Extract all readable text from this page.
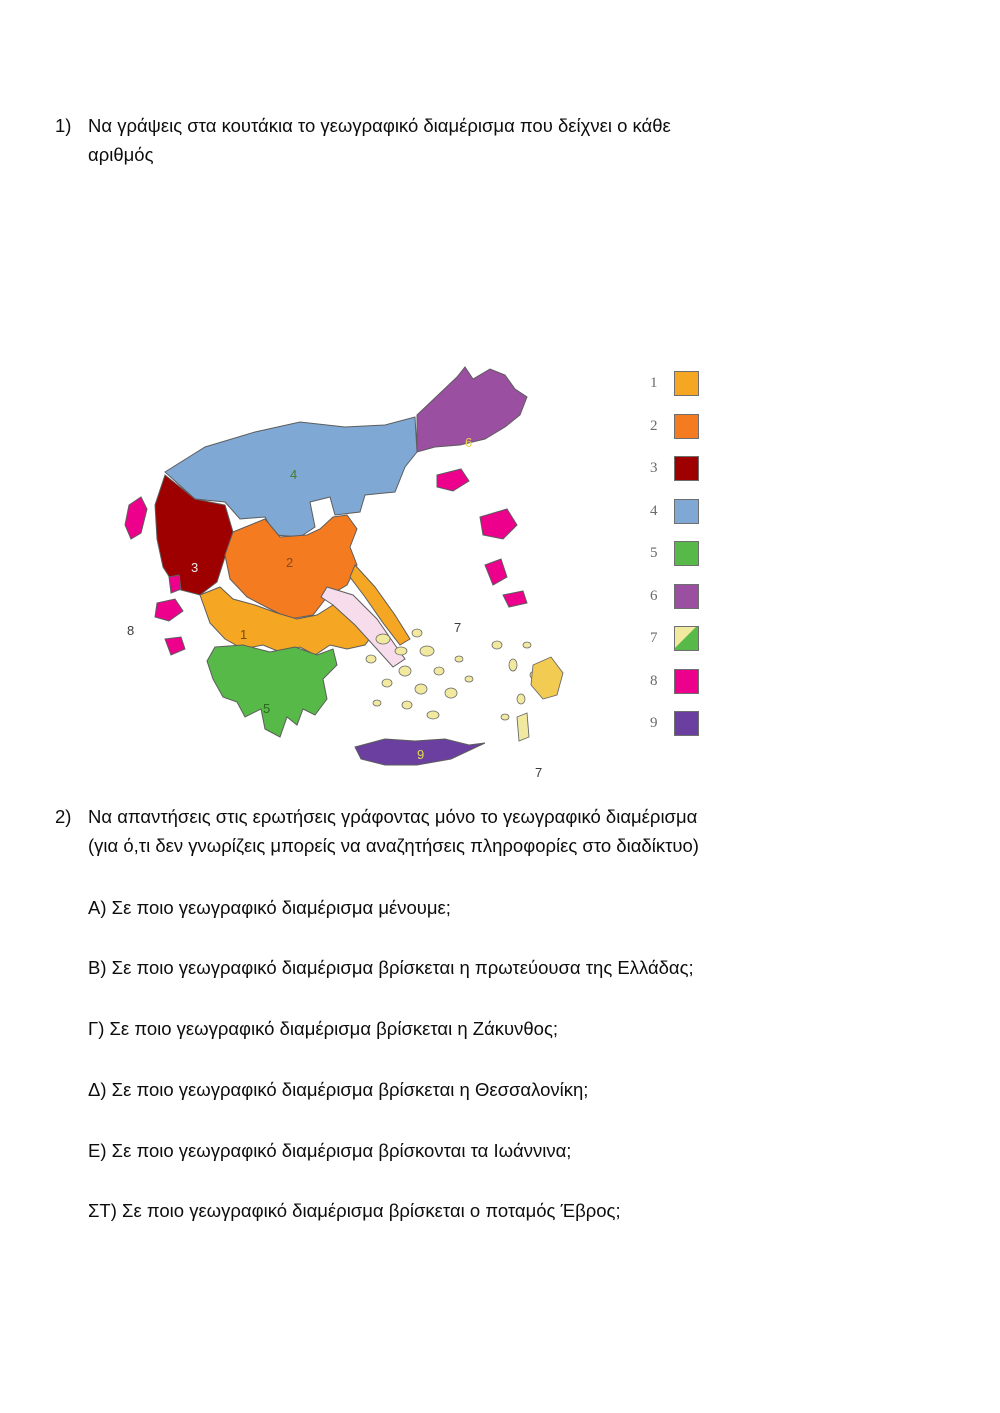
1) Να γράψεις στα κουτάκια το γεωγραφικό διαμέρισμα που δείχνει ο κάθε
αριθμός
4
6
3	2
1
5
8	7
7
9
1
2
3
4
5
6
7
8
9
2) Να απαντήσεις στις ερωτήσεις γράφοντας μόνο το γεωγραφικό διαμέρισμα
(για ό,τι δεν γνωρίζεις μπορείς να αναζητήσεις πληροφορίες στο διαδίκτυο)
Α) Σε ποιο γεωγραφικό διαμέρισμα μένουμε;
Β) Σε ποιο γεωγραφικό διαμέρισμα βρίσκεται η πρωτεύουσα της Ελλάδας;
Γ) Σε ποιο γεωγραφικό διαμέρισμα βρίσκεται η Ζάκυνθος;
Δ) Σε ποιο γεωγραφικό διαμέρισμα βρίσκεται η Θεσσαλονίκη;
Ε) Σε ποιο γεωγραφικό διαμέρισμα βρίσκονται τα Ιωάννινα;
ΣΤ) Σε ποιο γεωγραφικό διαμέρισμα βρίσκεται ο ποταμός Έβρος;
